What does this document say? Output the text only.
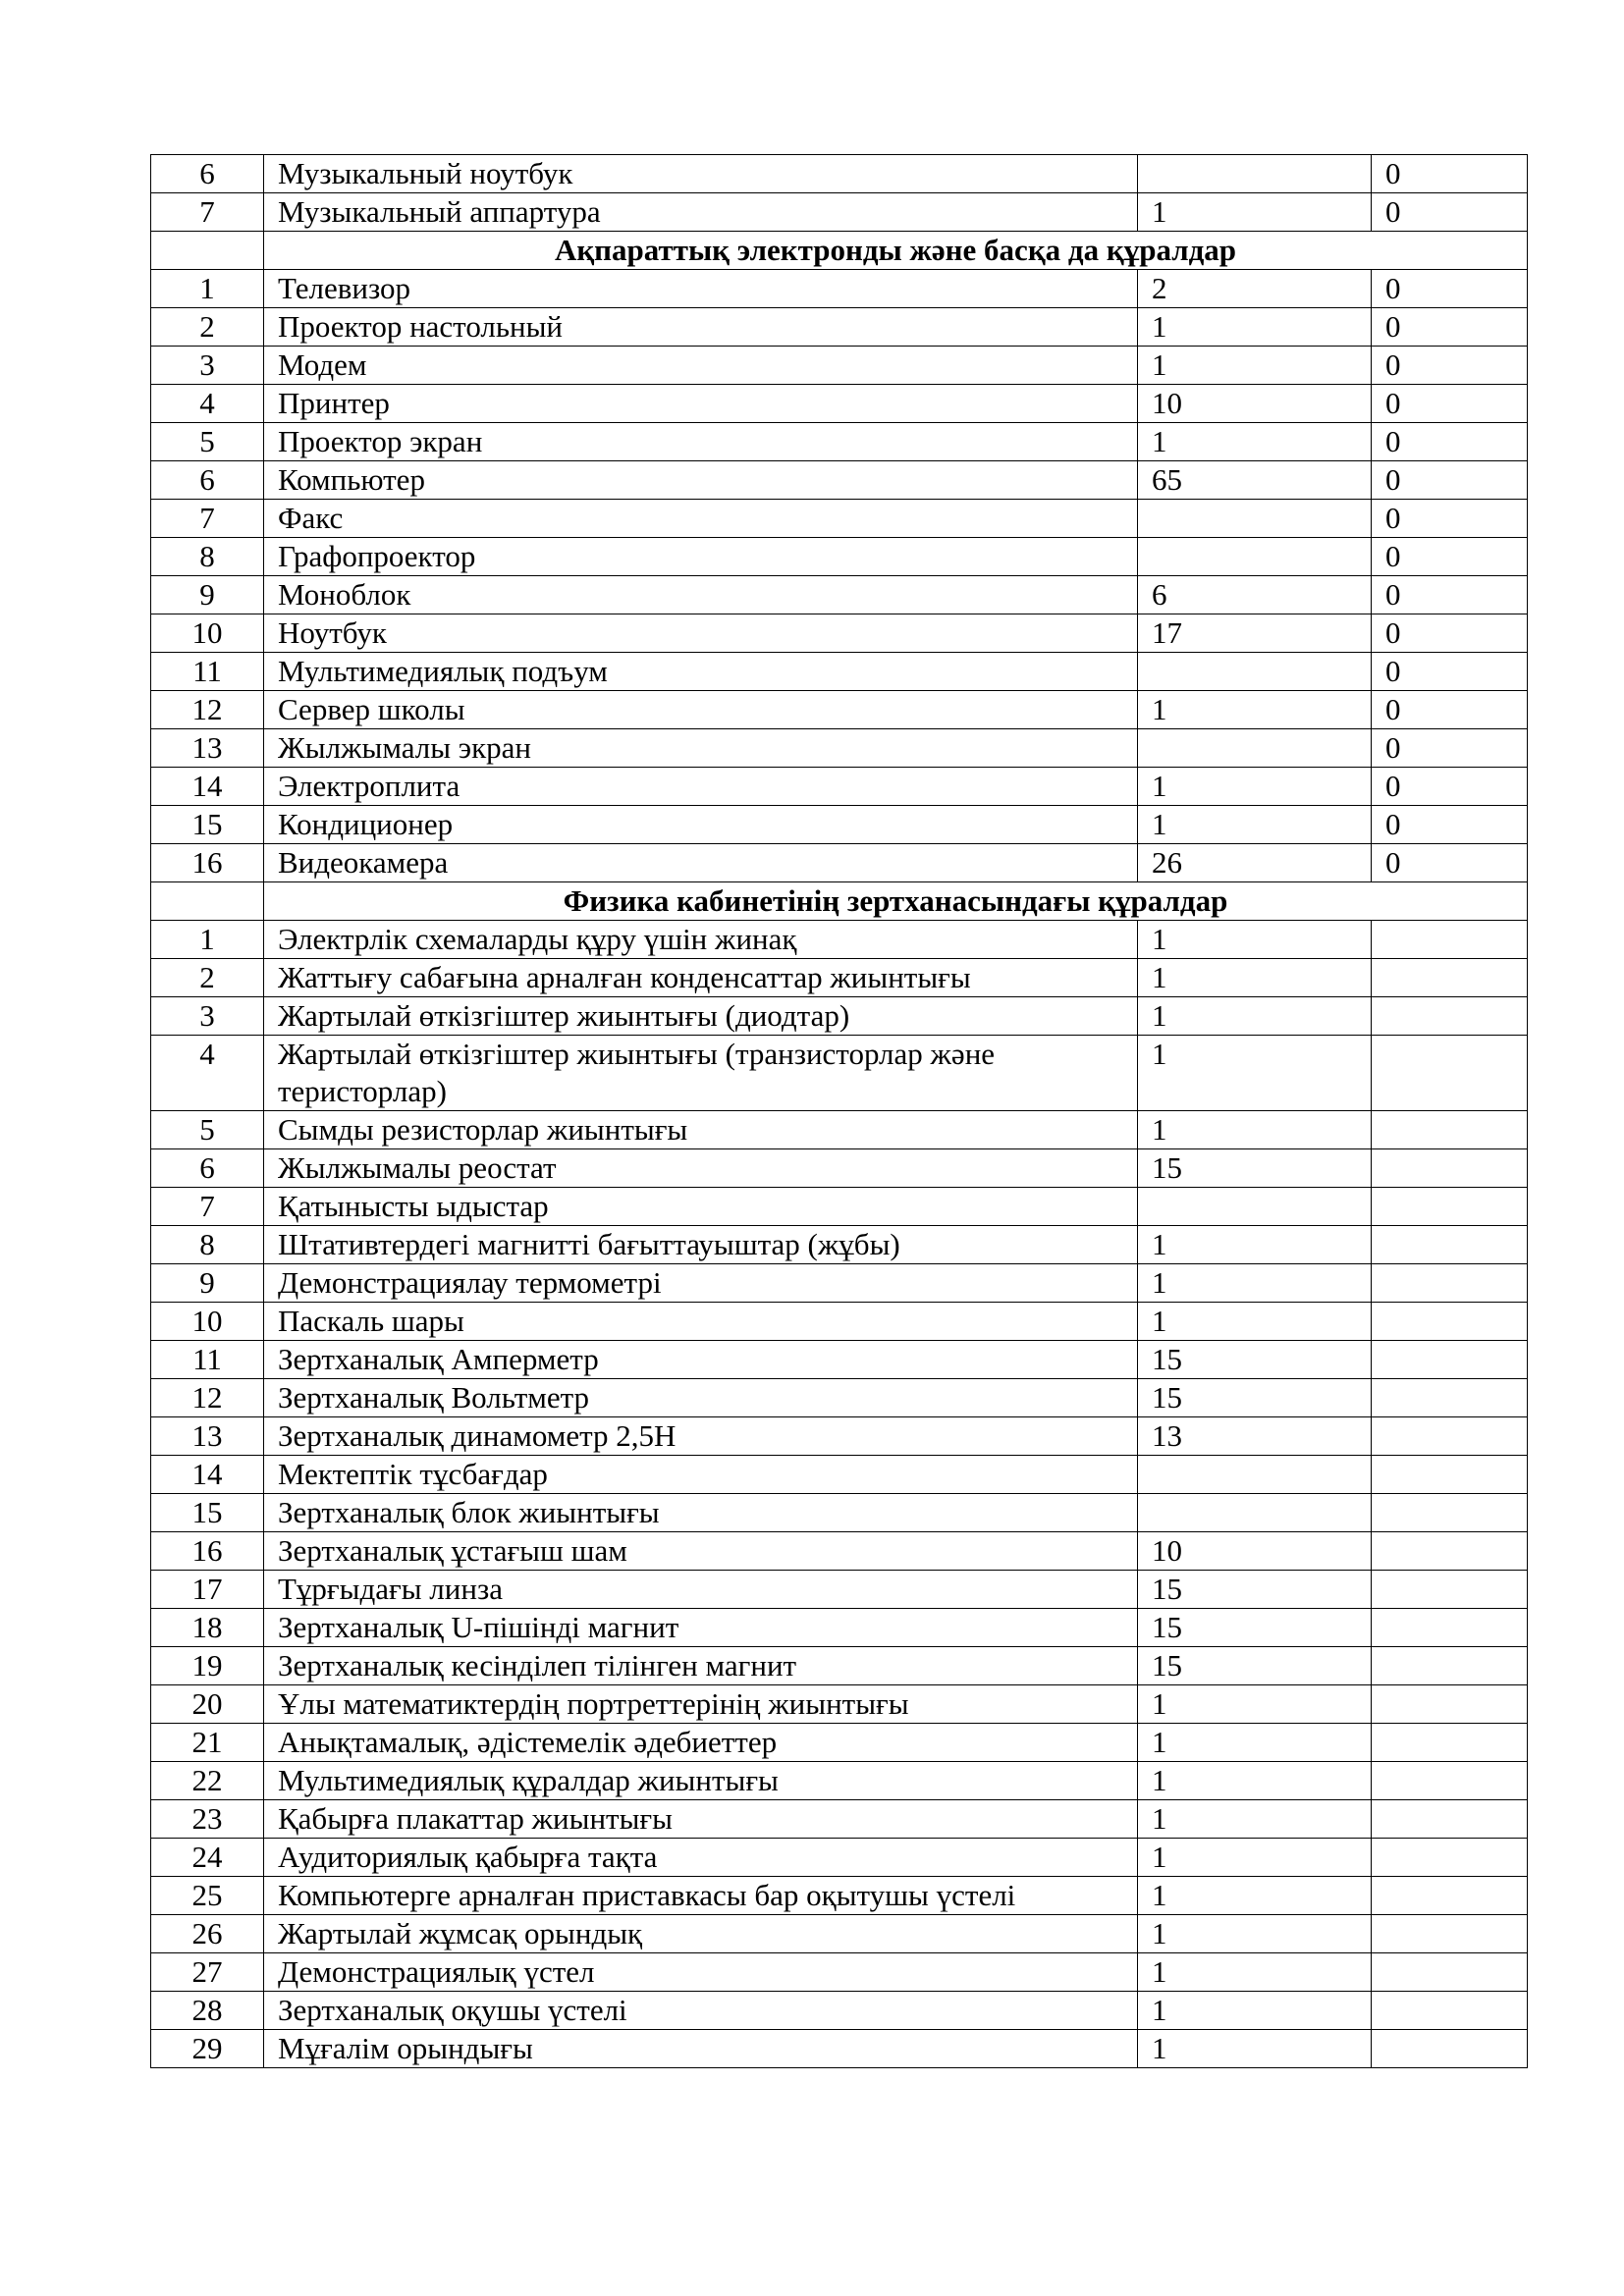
6	Музыкальный ноутбук		0
7	Музыкальный аппартура	1	0
	Ақпараттық электронды және басқа да құралдар		
1	Телевизор	2	0
2	Проектор настольный	1	0
3	Модем	1	0
4	Принтер	10	0
5	Проектор экран	1	0
6	Компьютер	65	0
7	Факс		0
8	Графопроектор		0
9	Моноблок	6	0
10	Ноутбук	17	0
11	Мультимедиялық подъум		0
12	Сервер школы	1	0
13	Жылжымалы экран		0
14	Электроплита	1	0
15	Кондиционер	1	0
16	Видеокамера	26	0
	Физика кабинетінің зертханасындағы құралдар		
1	Электрлік схемаларды құру үшін жинақ	1	
2	Жаттығу сабағына арналған конденсаттар жиынтығы	1	
3	Жартылай өткізгіштер жиынтығы (диодтар)	1	
4	Жартылай өткізгіштер жиынтығы (транзисторлар және теристорлар)	1	
5	Сымды резисторлар жиынтығы	1	
6	Жылжымалы реостат	15	
7	Қатынысты ыдыстар		
8	Штативтердегі магнитті бағыттауыштар (жұбы)	1	
9	Демонстрациялау термометрі	1	
10	Паскаль шары	1	
11	Зертханалық Амперметр	15	
12	Зертханалық Вольтметр	15	
13	Зертханалық динамометр 2,5Н	13	
14	Мектептік тұсбағдар		
15	Зертханалық блок жиынтығы		
16	Зертханалық ұстағыш шам	10	
17	Тұрғыдағы линза	15	
18	Зертханалық U-пішінді магнит	15	
19	Зертханалық кесінділеп тілінген магнит	15	
20	Ұлы математиктердің портреттерінің жиынтығы	1	
21	Анықтамалық, әдістемелік әдебиеттер	1	
22	Мультимедиялық құралдар жиынтығы	1	
23	Қабырға плакаттар жиынтығы	1	
24	Аудиториялық қабырға тақта	1	
25	Компьютерге арналған приставкасы бар оқытушы үстелі	1	
26	Жартылай жұмсақ орындық	1	
27	Демонстрациялық үстел	1	
28	Зертханалық оқушы үстелі	1	
29	Мұғалім орындығы	1	
